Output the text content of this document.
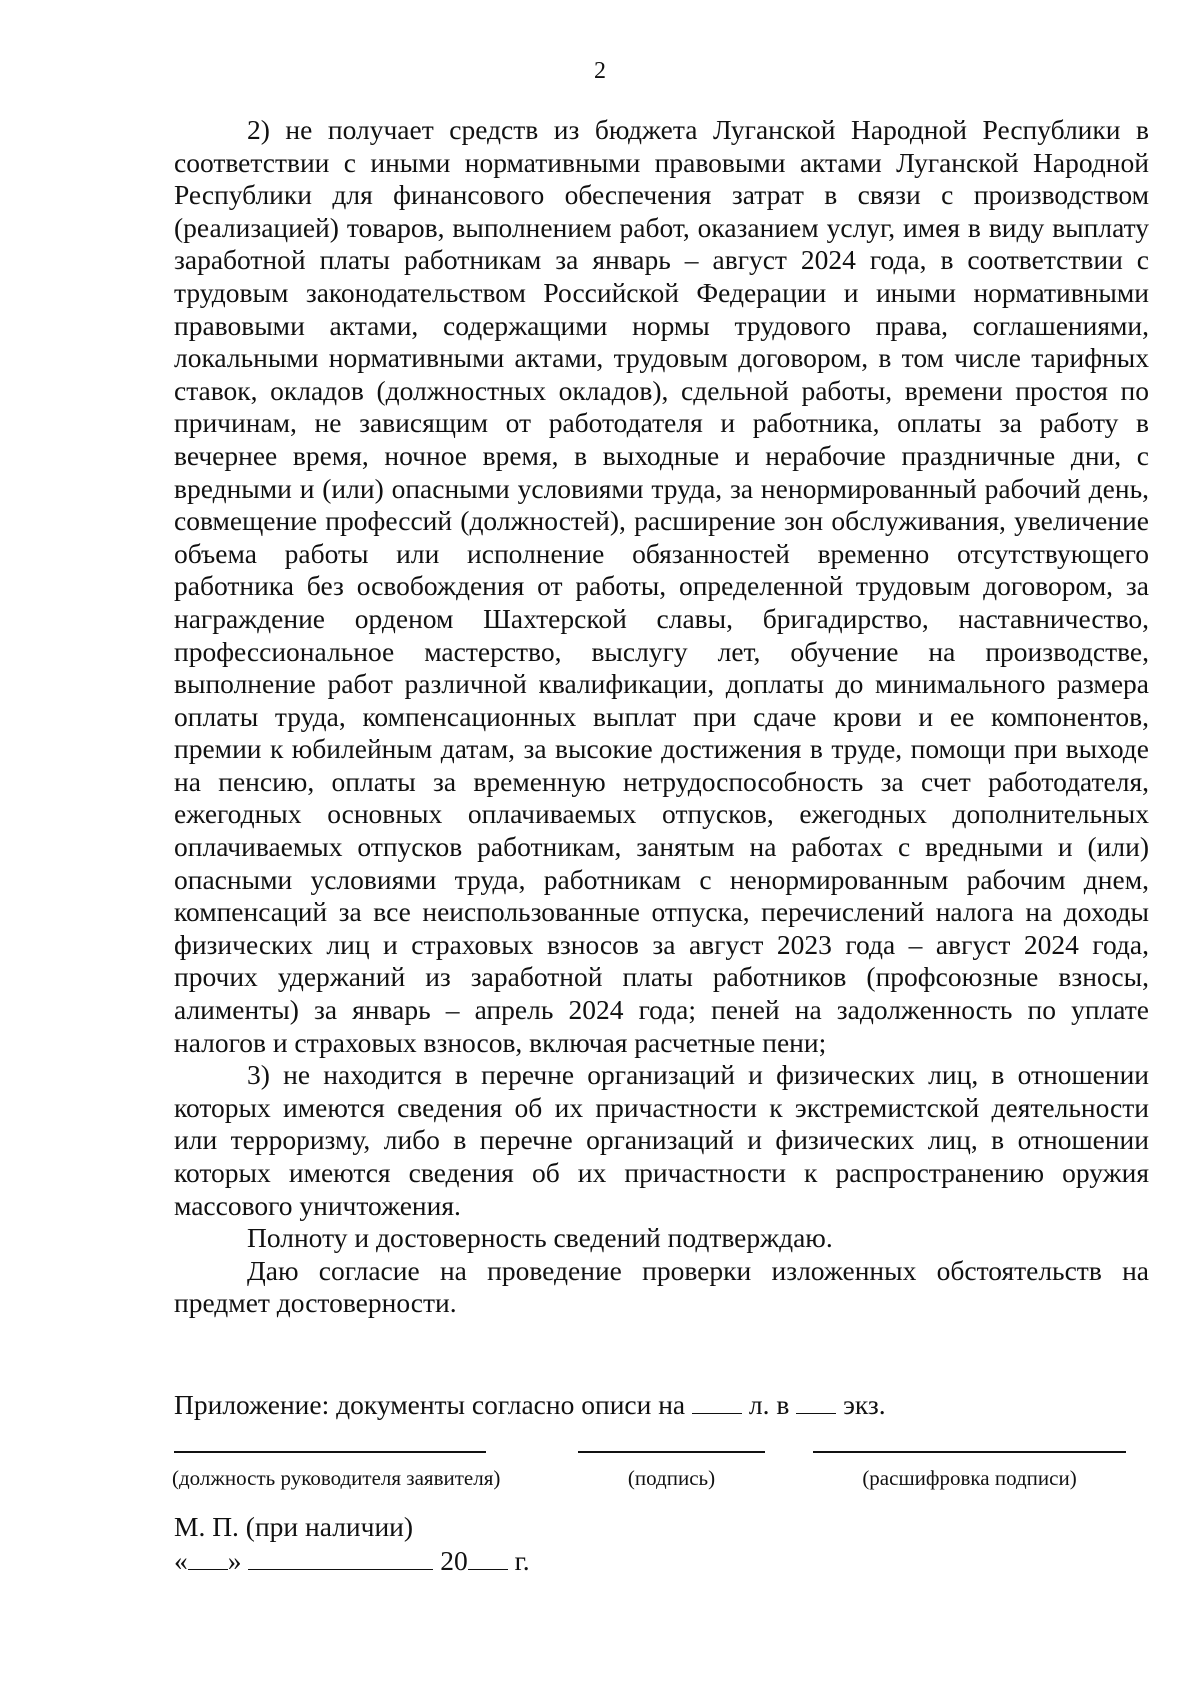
2

2) не получает средств из бюджета Луганской Народной Республики в соответствии с иными нормативными правовыми актами Луганской Народной Республики для финансового обеспечения затрат в связи с производством (реализацией) товаров, выполнением работ, оказанием услуг, имея в виду выплату заработной платы работникам за январь – август 2024 года, в соответствии с трудовым законодательством Российской Федерации и иными нормативными правовыми актами, содержащими нормы трудового права, соглашениями, локальными нормативными актами, трудовым договором, в том числе тарифных ставок, окладов (должностных окладов), сдельной работы, времени простоя по причинам, не зависящим от работодателя и работника, оплаты за работу в вечернее время, ночное время, в выходные и нерабочие праздничные дни, с вредными и (или) опасными условиями труда, за ненормированный рабочий день, совмещение профессий (должностей), расширение зон обслуживания, увеличение объема работы или исполнение обязанностей временно отсутствующего работника без освобождения от работы, определенной трудовым договором, за награждение орденом Шахтерской славы, бригадирство, наставничество, профессиональное мастерство, выслугу лет, обучение на производстве, выполнение работ различной квалификации, доплаты до минимального размера оплаты труда, компенсационных выплат при сдаче крови и ее компонентов, премии к юбилейным датам, за высокие достижения в труде, помощи при выходе на пенсию, оплаты за временную нетрудоспособность за счет работодателя, ежегодных основных оплачиваемых отпусков, ежегодных дополнительных оплачиваемых отпусков работникам, занятым на работах с вредными и (или) опасными условиями труда, работникам с ненормированным рабочим днем, компенсаций за все неиспользованные отпуска, перечислений налога на доходы физических лиц и страховых взносов за август 2023 года – август 2024 года, прочих удержаний из заработной платы работников (профсоюзные взносы, алименты) за январь – апрель 2024 года; пеней на задолженность по уплате налогов и страховых взносов, включая расчетные пени;

3) не находится в перечне организаций и физических лиц, в отношении которых имеются сведения об их причастности к экстремистской деятельности или терроризму, либо в перечне организаций и физических лиц, в отношении которых имеются сведения об их причастности к распространению оружия массового уничтожения.

Полноту и достоверность сведений подтверждаю.

Даю согласие на проведение проверки изложенных обстоятельств на предмет достоверности.

Приложение: документы согласно описи на л. в экз.
(должность руководителя заявителя)	(подпись)	(расшифровка подписи)
М. П. (при наличии)
« »	20 г.
